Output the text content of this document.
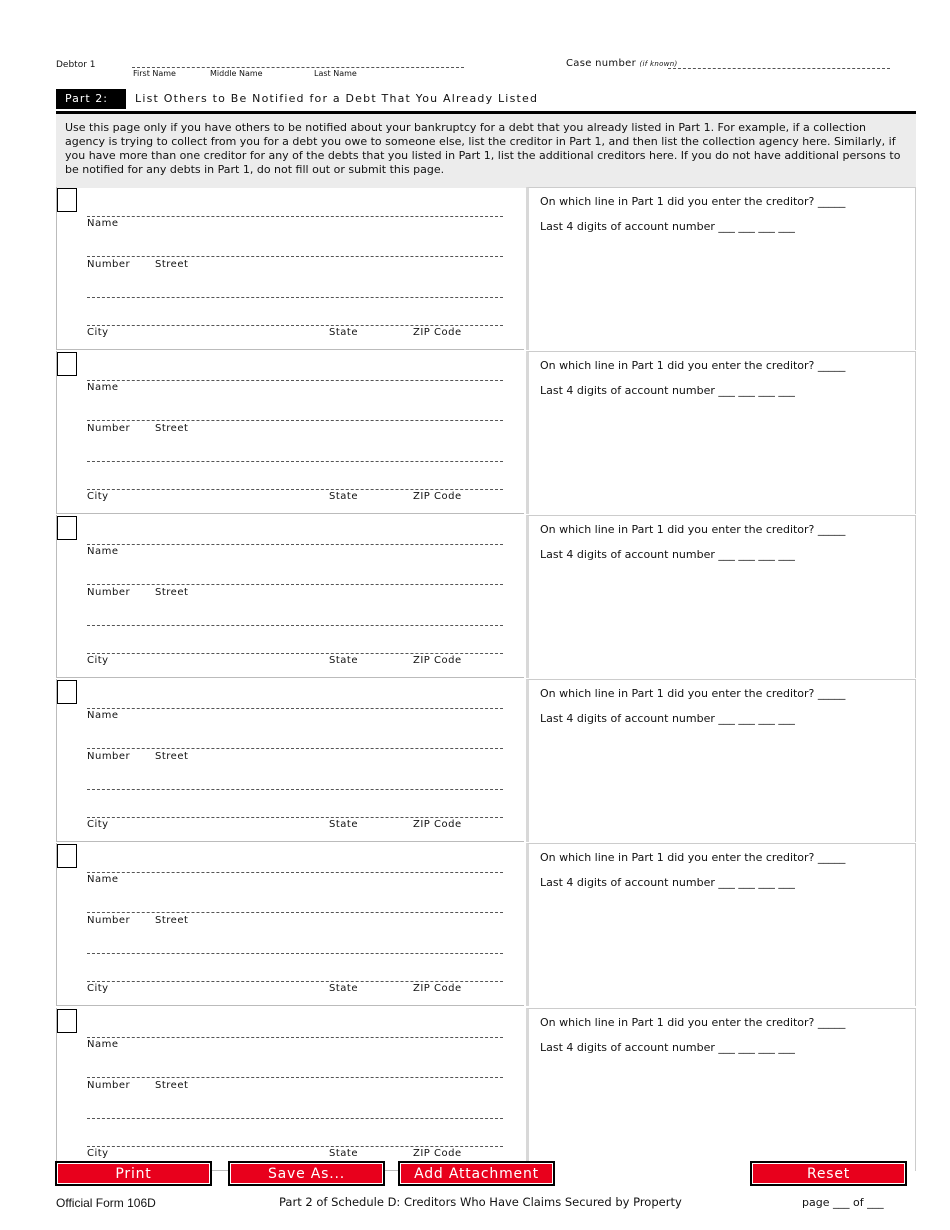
Debtor 1
First Name	Middle Name	Last Name
Case number (if known)
Part 2:	List Others to Be Notified for a Debt That You Already Listed
Use this page only if you have others to be notified about your bankruptcy for a debt that you already listed in Part 1. For example, if a collection agency is trying to collect from you for a debt you owe to someone else, list the creditor in Part 1, and then list the collection agency here. Similarly, if you have more than one creditor for any of the debts that you listed in Part 1, list the additional creditors here. If you do not have additional persons to be notified for any debts in Part 1, do not fill out or submit this page.
Name
Number Street
City	State	ZIP Code
On which line in Part 1 did you enter the creditor? _____
Last 4 digits of account number ___ ___ ___ ___
Name
Number Street
City	State	ZIP Code
On which line in Part 1 did you enter the creditor? _____
Last 4 digits of account number ___ ___ ___ ___
Name
Number Street
City	State	ZIP Code
On which line in Part 1 did you enter the creditor? _____
Last 4 digits of account number ___ ___ ___ ___
Name
Number Street
City	State	ZIP Code
On which line in Part 1 did you enter the creditor? _____
Last 4 digits of account number ___ ___ ___ ___
Name
Number Street
City	State	ZIP Code
On which line in Part 1 did you enter the creditor? _____
Last 4 digits of account number ___ ___ ___ ___
Name
Number Street
City	State	ZIP Code
On which line in Part 1 did you enter the creditor? _____
Last 4 digits of account number ___ ___ ___ ___
Print	Save As...	Add Attachment	Reset
Official Form 106D	Part 2 of Schedule D: Creditors Who Have Claims Secured by Property	page ___ of ___
